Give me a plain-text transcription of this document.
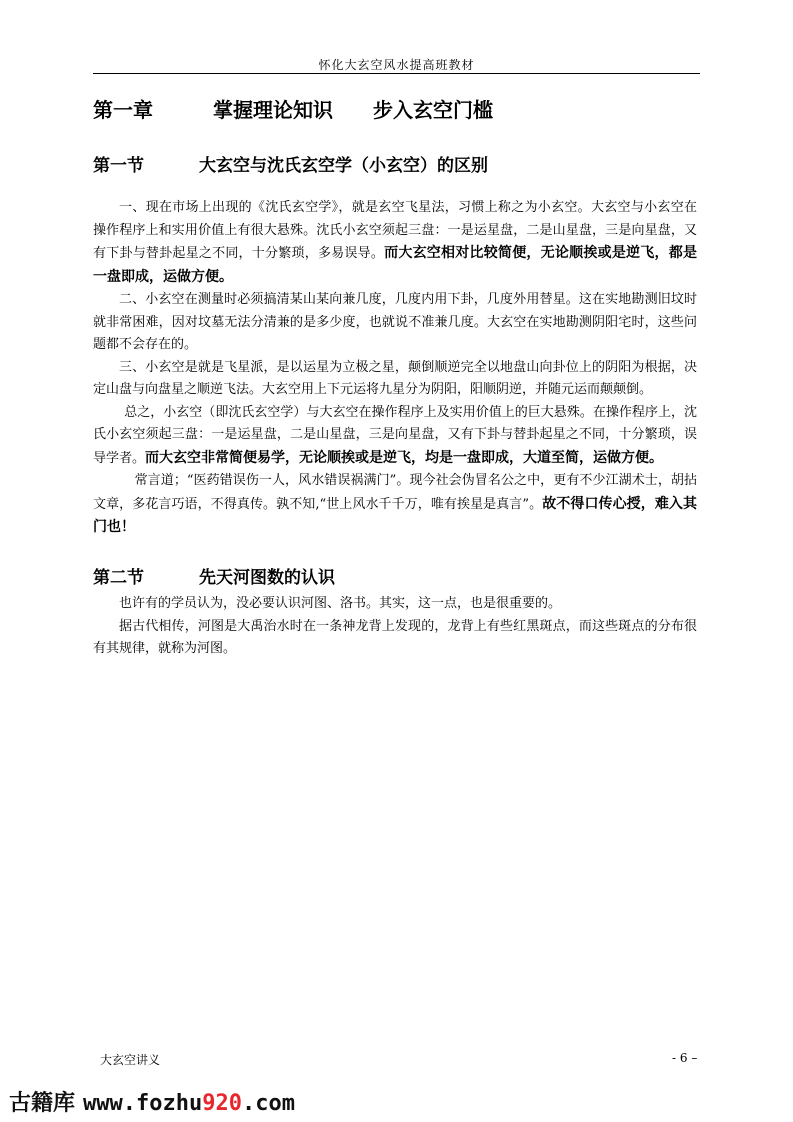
怀化大玄空风水提高班教材
第一章	掌握理论知识 步入玄空门槛
第一节	大玄空与沈氏玄空学（小玄空）的区别

一、现在市场上出现的《沈氏玄空学》，就是玄空飞星法，习惯上称之为小玄空。大玄空与小玄空在操作程序上和实用价值上有很大悬殊。沈氏小玄空须起三盘：一是运星盘，二是山星盘，三是向星盘，又有下卦与替卦起星之不同，十分繁琐，多易误导。而大玄空相对比较简便，无论顺挨或是逆飞，都是一盘即成，运做方便。

二、小玄空在测量时必须搞清某山某向兼几度，几度内用下卦，几度外用替星。这在实地勘测旧坟时就非常困难，因对坟墓无法分清兼的是多少度，也就说不准兼几度。大玄空在实地勘测阴阳宅时，这些问题都不会存在的。

三、小玄空是就是飞星派，是以运星为立极之星，颠倒顺逆完全以地盘山向卦位上的阴阳为根据，决定山盘与向盘星之顺逆飞法。大玄空用上下元运将九星分为阴阳，阳顺阴逆，并随元运而颠颠倒。

总之，小玄空（即沈氏玄空学）与大玄空在操作程序上及实用价值上的巨大悬殊。在操作程序上，沈氏小玄空须起三盘：一是运星盘，二是山星盘，三是向星盘，又有下卦与替卦起星之不同，十分繁琐，误导学者。而大玄空非常简便易学，无论顺挨或是逆飞，均是一盘即成，大道至简，运做方便。

常言道；“医药错误伤一人，风水错误祸满门”。现今社会伪冒名公之中，更有不少江湖术士，胡拈文章，多花言巧语，不得真传。孰不知,“世上风水千千万，唯有挨星是真言”。故不得口传心授，难入其门也！

第二节	先天河图数的认识

也许有的学员认为，没必要认识河图、洛书。其实，这一点，也是很重要的。

据古代相传，河图是大禹治水时在一条神龙背上发现的，龙背上有些红黑斑点，而这些斑点的分布很有其规律，就称为河图。

大玄空讲义	- 6 –
古籍库 www.fozhu920.com
